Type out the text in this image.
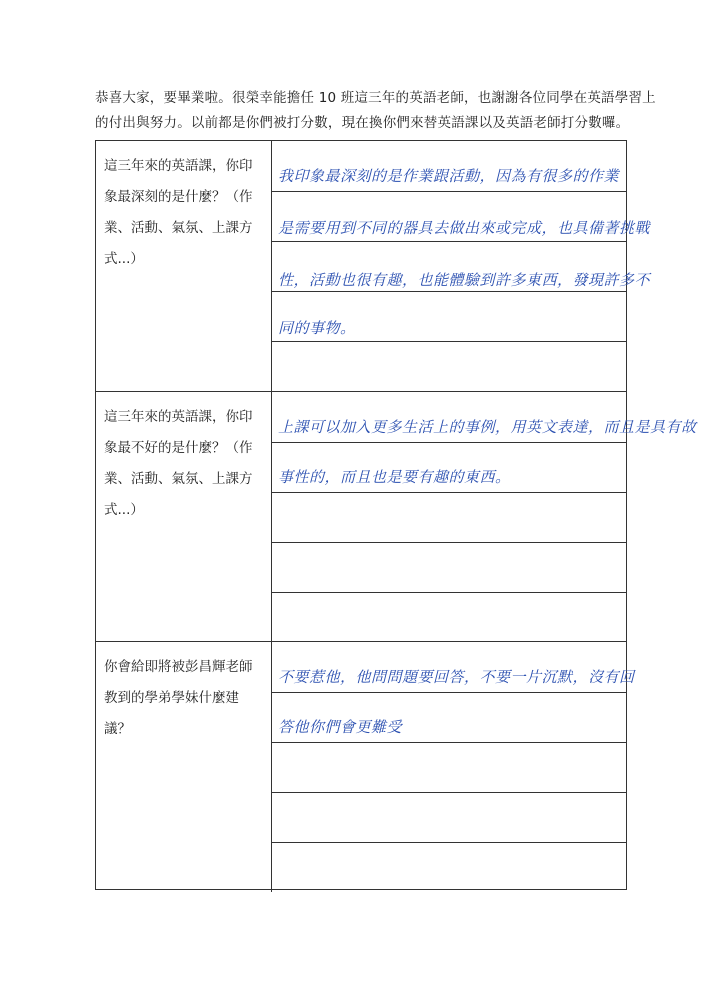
恭喜大家，要畢業啦。很榮幸能擔任 10 班這三年的英語老師，也謝謝各位同學在英語學習上
的付出與努力。以前都是你們被打分數，現在換你們來替英語課以及英語老師打分數囉。
這三年來的英語課，你印
象最深刻的是什麼？（作
業、活動、氣氛、上課方
式...）
我印象最深刻的是作業跟活動，因為有很多的作業
是需要用到不同的器具去做出來或完成，也具備著挑戰
性，活動也很有趣，也能體驗到許多東西，發現許多不
同的事物。
這三年來的英語課，你印
象最不好的是什麼？（作
業、活動、氣氛、上課方
式...）
上課可以加入更多生活上的事例，用英文表達，而且是具有故
事性的，而且也是要有趣的東西。
你會給即將被彭昌輝老師
教到的學弟學妹什麼建
議？
不要惹他，他問問題要回答，不要一片沉默，沒有回
答他你們會更難受
